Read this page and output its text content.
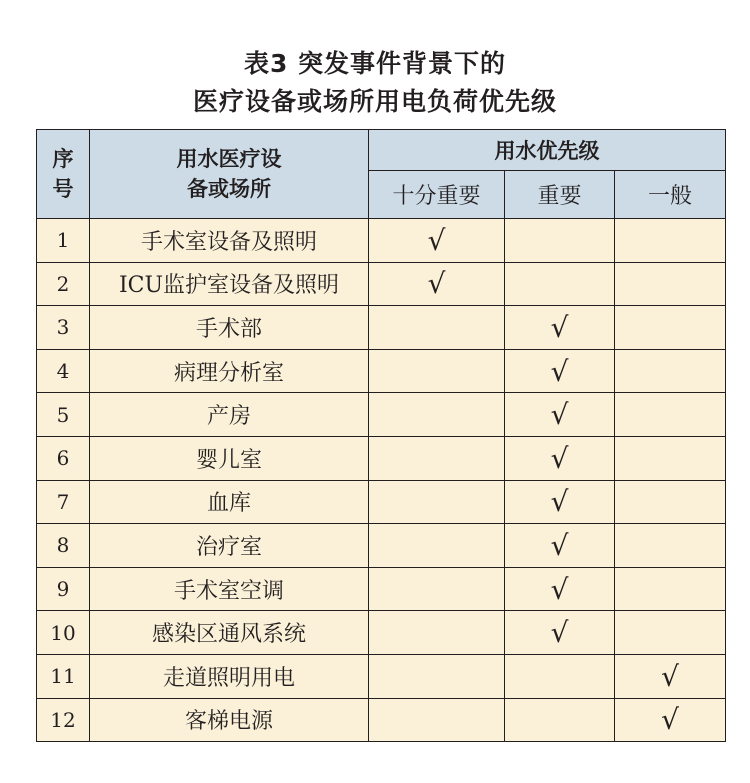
表3 突发事件背景下的
医疗设备或场所用电负荷优先级
序号	用水医疗设备或场所	用水优先级		
		十分重要	重要	一般
1	手术室设备及照明	√		
2	ICU监护室设备及照明	√		
3	手术部		√	
4	病理分析室		√	
5	产房		√	
6	婴儿室		√	
7	血库		√	
8	治疗室		√	
9	手术室空调		√	
10	感染区通风系统		√	
11	走道照明用电			√
12	客梯电源			√
